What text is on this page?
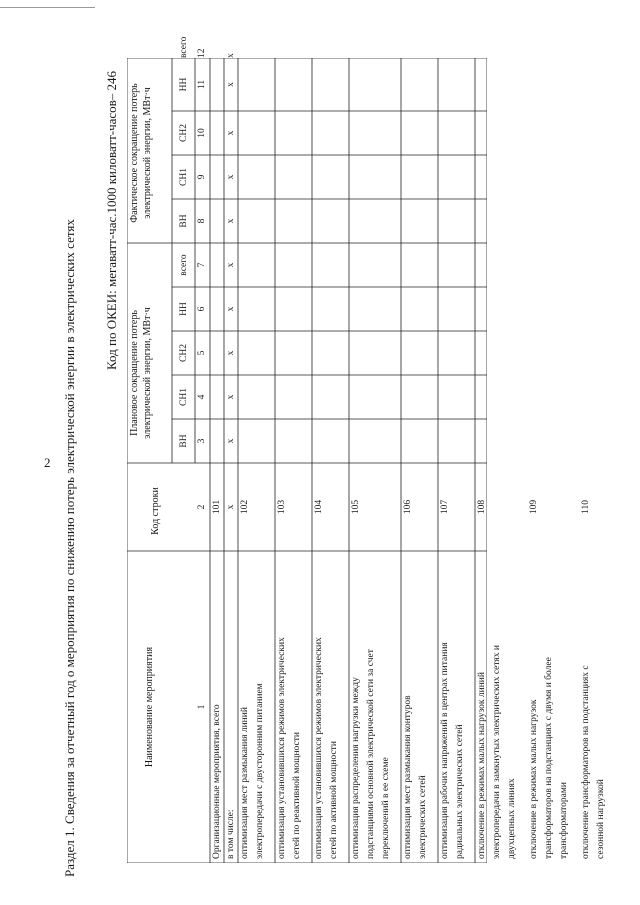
2 Раздел 1. Сведения за отчетный год о мероприятия по снижению потерь электрической энергии в электрических сетях Код по ОКЕИ: мегаватт-час.1000 киловатт-часов– 246
Наименование мероприятия
Код строки
Плановое сокращение потерь электрической энергии, МВт·ч
Фактическое сокращение потерь электрической энергии, МВт·ч
ВН
СН1
СН2
НН
всего
ВН
СН1
СН2
НН
всего
1
2
3
4
5
6
7
8
9
10
11
12
Организационные мероприятия, всего
101
в том числе:
x
x
x
x
x
x
x
x
x
x
x
оптимизация мест размыкания линий электропередачи с двусторонним питанием
102
оптимизация установившихся режимов электрических сетей по реактивной мощности
103
оптимизация установившихся режимов электрических сетей по активной мощности
104
оптимизация распределения нагрузки между подстанциями основной электрической сети за счет переключений в ее схеме
105
оптимизация мест размыкания контуров электрических сетей
106
оптимизация рабочих напряжений в центрах питания радиальных электрических сетей
107
отключение в режимах малых нагрузок линий электропередачи в замкнутых электрических сетях и двухцепных линиях
108
отключение в режимах малых нагрузок трансформаторов на подстанциях с двумя и более трансформаторами
109
отключение трансформаторов на подстанциях с сезонной нагрузкой
110
